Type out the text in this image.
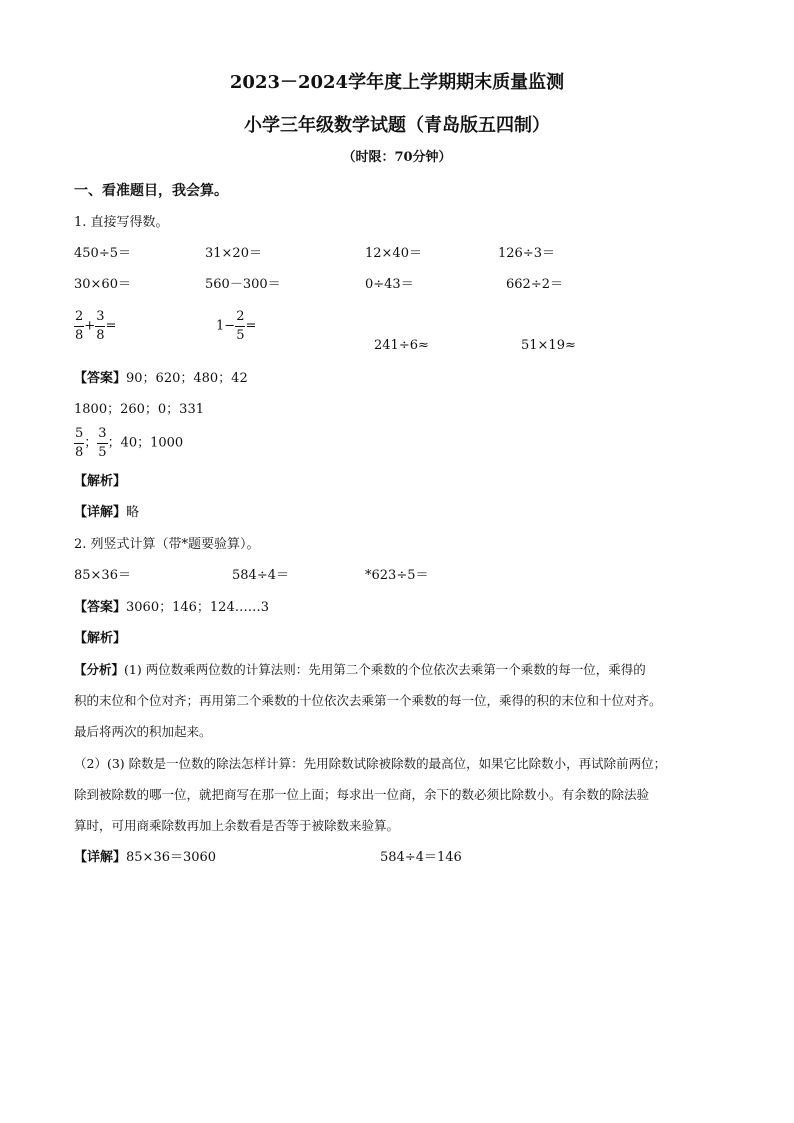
2023－2024学年度上学期期末质量监测
小学三年级数学试题（青岛版五四制）
（时限：70分钟）
一、看准题目，我会算。
1. 直接写得数。
450÷5＝	31×20＝	12×40＝	126÷3＝
30×60＝	560－300＝	0÷43＝	662÷2＝
$\frac{2}{8} + \frac{3}{8}$ =	$1- \frac{2}{5}$ =
241÷6≈	51×19≈
【答案】90；620；480；42
1800；260；0；331
$\frac{5}{8}$ ； $\frac{3}{5}$ ；40；1000
【解析】
【详解】略
2. 列竖式计算（带*题要验算）。
85×36＝	584÷4＝	*623÷5＝
【答案】3060；146；124……3
【解析】
【分析】(1) 两位数乘两位数的计算法则：先用第二个乘数的个位依次去乘第一个乘数的每一位，乘得的
积的末位和个位对齐；再用第二个乘数的十位依次去乘第一个乘数的每一位，乘得的积的末位和十位对齐。
最后将两次的积加起来。
（2）(3) 除数是一位数的除法怎样计算：先用除数试除被除数的最高位，如果它比除数小，再试除前两位；
除到被除数的哪一位，就把商写在那一位上面；每求出一位商，余下的数必须比除数小。有余数的除法验
算时，可用商乘除数再加上余数看是否等于被除数来验算。
【详解】85×36＝3060	584÷4＝146
